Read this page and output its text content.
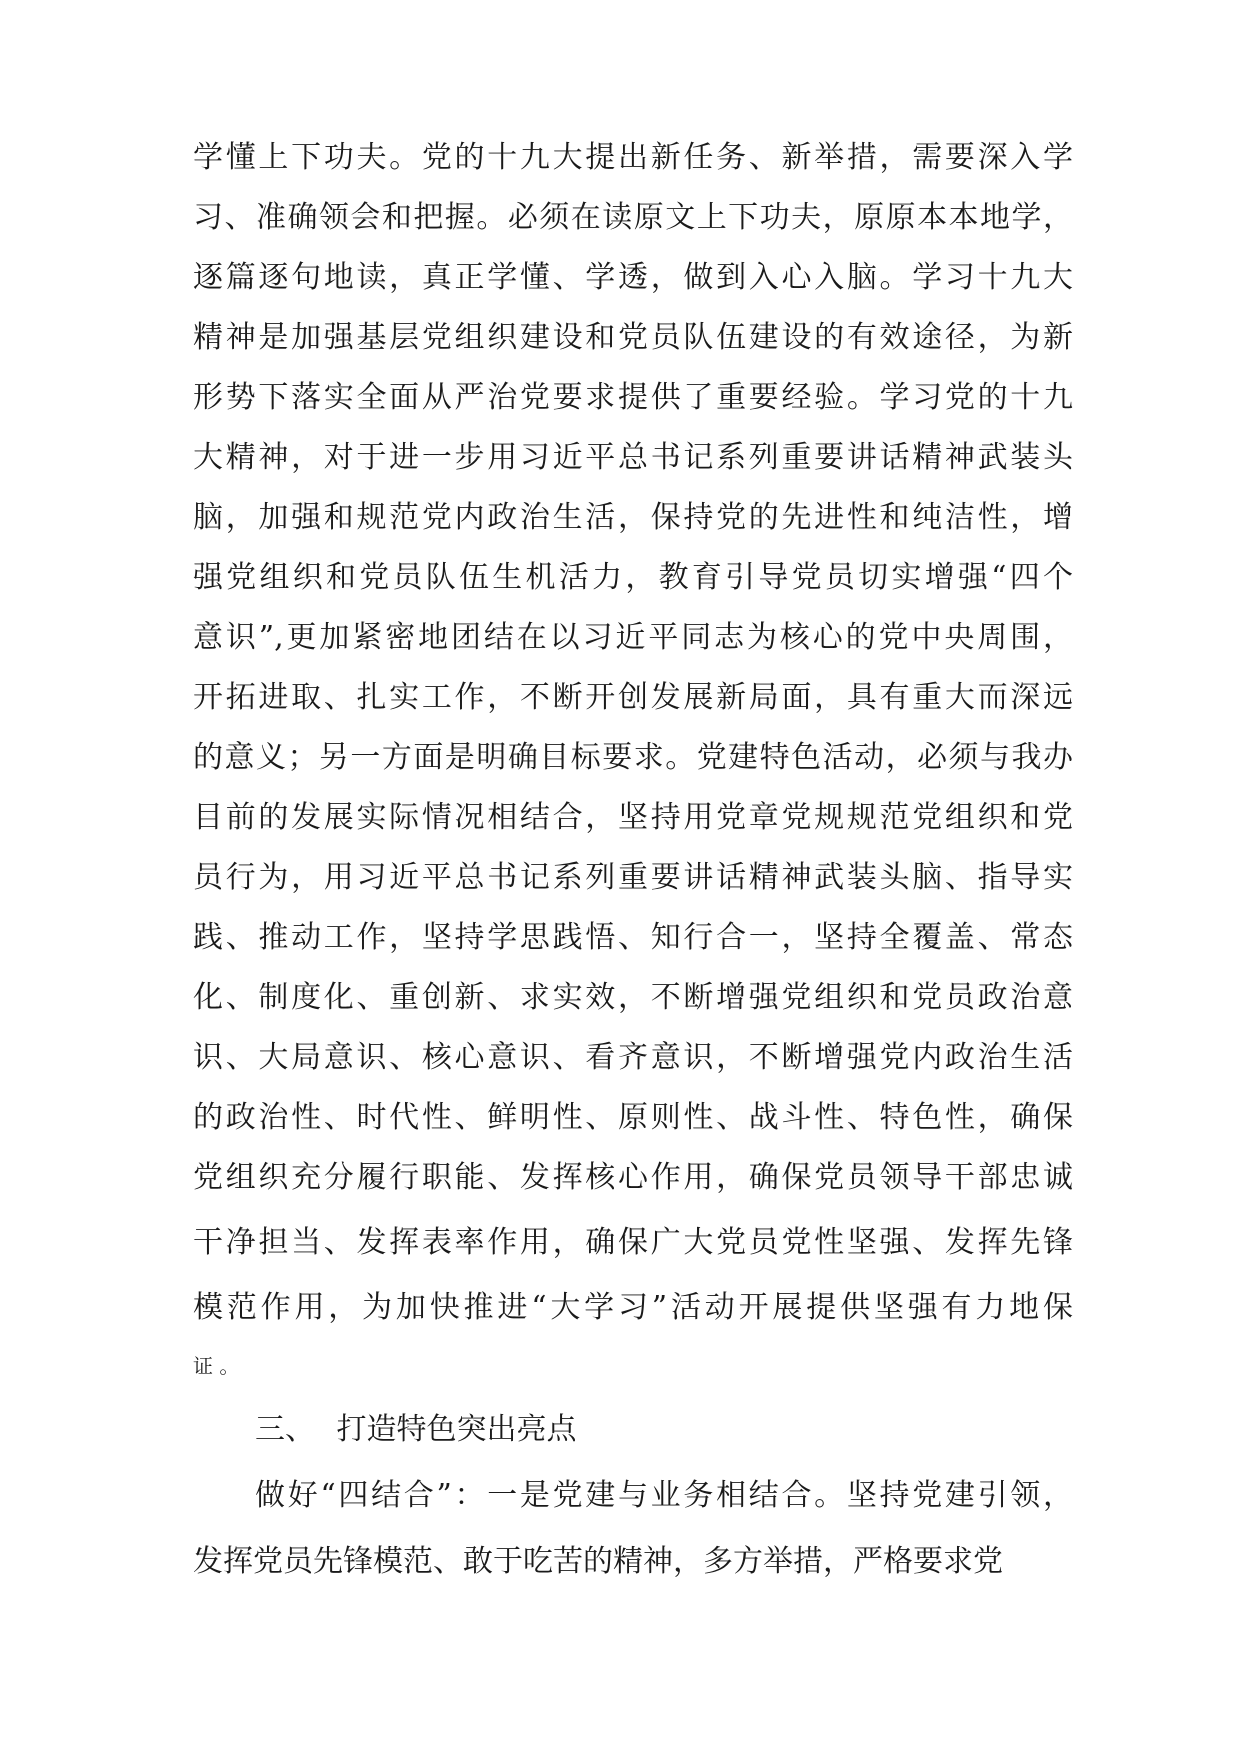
学懂上下功夫。党的十九大提出新任务、新举措，需要深入学
习、准确领会和把握。必须在读原文上下功夫，原原本本地学，
逐篇逐句地读，真正学懂、学透，做到入心入脑。学习十九大
精神是加强基层党组织建设和党员队伍建设的有效途径，为新
形势下落实全面从严治党要求提供了重要经验。学习党的十九
大精神，对于进一步用习近平总书记系列重要讲话精神武装头
脑，加强和规范党内政治生活，保持党的先进性和纯洁性，增
强党组织和党员队伍生机活力，教育引导党员切实增强“四个
意识”,更加紧密地团结在以习近平同志为核心的党中央周围，
开拓进取、扎实工作，不断开创发展新局面，具有重大而深远
的意义；另一方面是明确目标要求。党建特色活动，必须与我办
目前的发展实际情况相结合，坚持用党章党规规范党组织和党
员行为，用习近平总书记系列重要讲话精神武装头脑、指导实
践、推动工作，坚持学思践悟、知行合一，坚持全覆盖、常态
化、制度化、重创新、求实效，不断增强党组织和党员政治意
识、大局意识、核心意识、看齐意识，不断增强党内政治生活
的政治性、时代性、鲜明性、原则性、战斗性、特色性，确保
党组织充分履行职能、发挥核心作用，确保党员领导干部忠诚
干净担当、发挥表率作用，确保广大党员党性坚强、发挥先锋
模范作用，为加快推进“大学习”活动开展提供坚强有力地保
证 。
三、 打造特色突出亮点
做好“四结合”：一是党建与业务相结合。坚持党建引领，
发挥党员先锋模范、敢于吃苦的精神，多方举措，严格要求党
